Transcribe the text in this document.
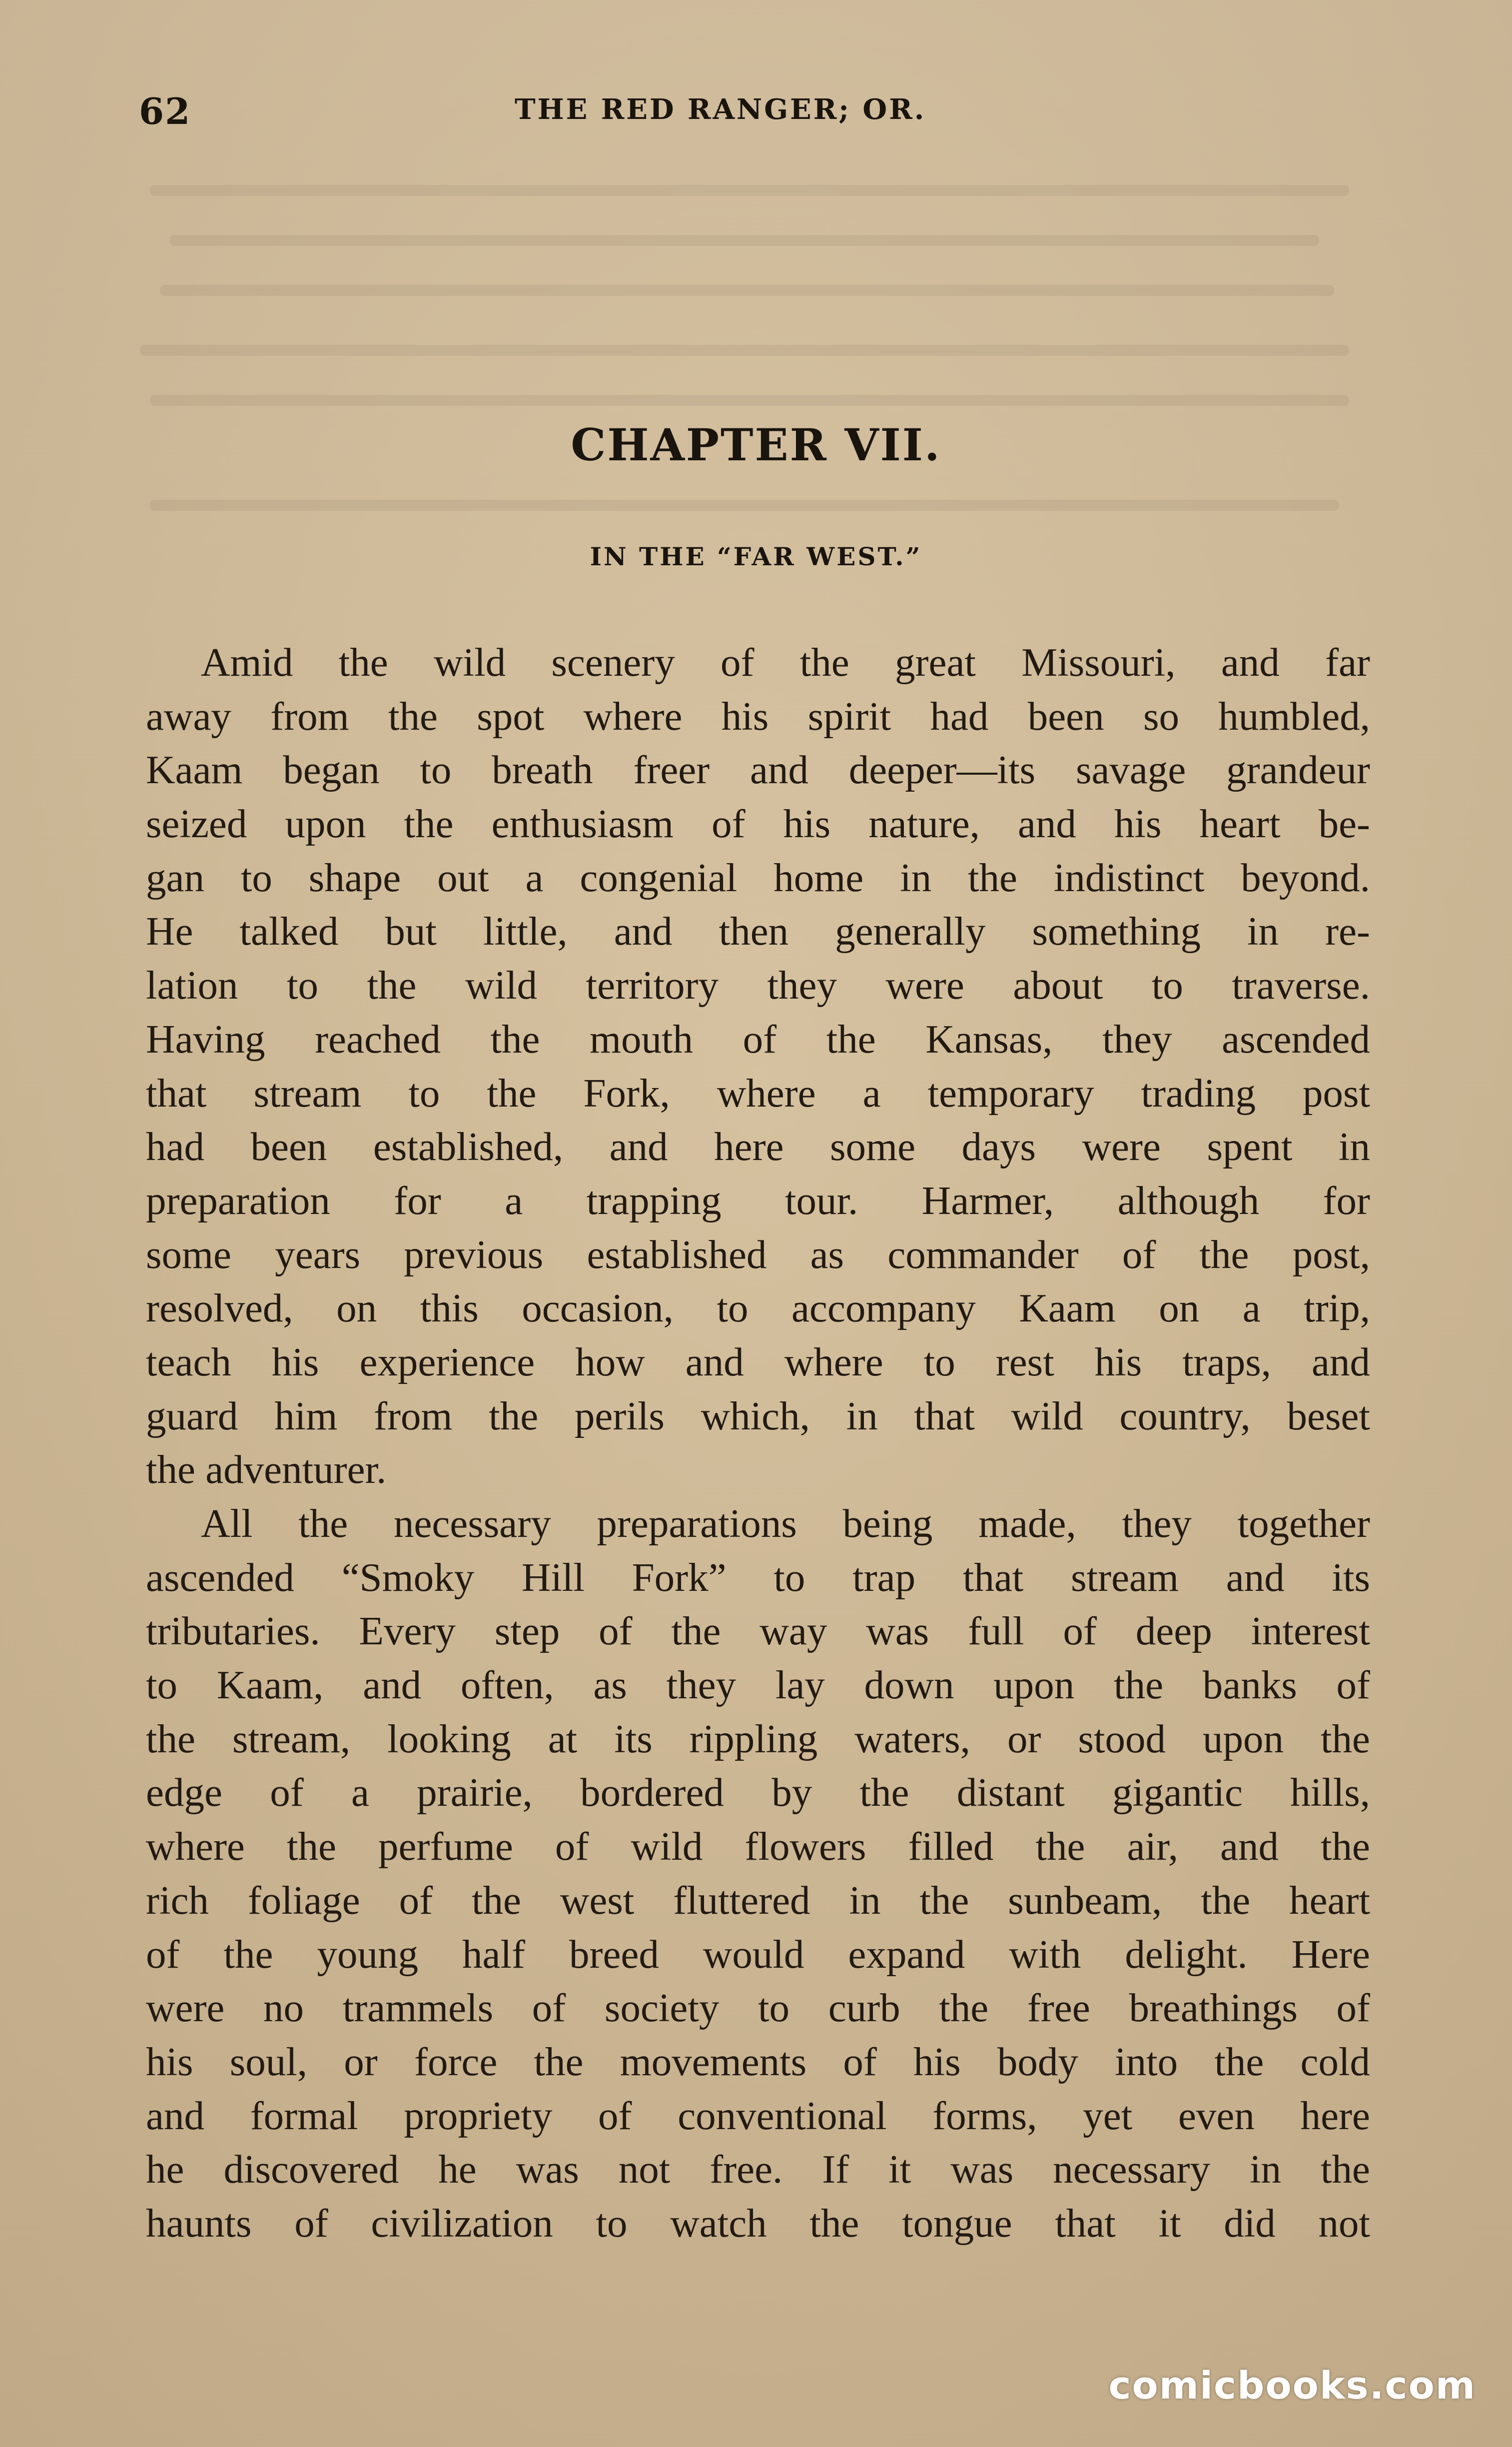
62	THE RED RANGER; OR.
CHAPTER VII.
IN THE “FAR WEST.”
Amid the wild scenery of the great Missouri, and far
away from the spot where his spirit had been so humbled,
Kaam began to breath freer and deeper—its savage grandeur
seized upon the enthusiasm of his nature, and his heart be-
gan to shape out a congenial home in the indistinct beyond.
He talked but little, and then generally something in re-
lation to the wild territory they were about to traverse.
Having reached the mouth of the Kansas, they ascended
that stream to the Fork, where a temporary trading post
had been established, and here some days were spent in
preparation for a trapping tour. Harmer, although for
some years previous established as commander of the post,
resolved, on this occasion, to accompany Kaam on a trip,
teach his experience how and where to rest his traps, and
guard him from the perils which, in that wild country, beset
the adventurer.
All the necessary preparations being made, they together
ascended “Smoky Hill Fork” to trap that stream and its
tributaries. Every step of the way was full of deep interest
to Kaam, and often, as they lay down upon the banks of
the stream, looking at its rippling waters, or stood upon the
edge of a prairie, bordered by the distant gigantic hills,
where the perfume of wild flowers filled the air, and the
rich foliage of the west fluttered in the sunbeam, the heart
of the young half breed would expand with delight. Here
were no trammels of society to curb the free breathings of
his soul, or force the movements of his body into the cold
and formal propriety of conventional forms, yet even here
he discovered he was not free. If it was necessary in the
haunts of civilization to watch the tongue that it did not
comicbooks.com
